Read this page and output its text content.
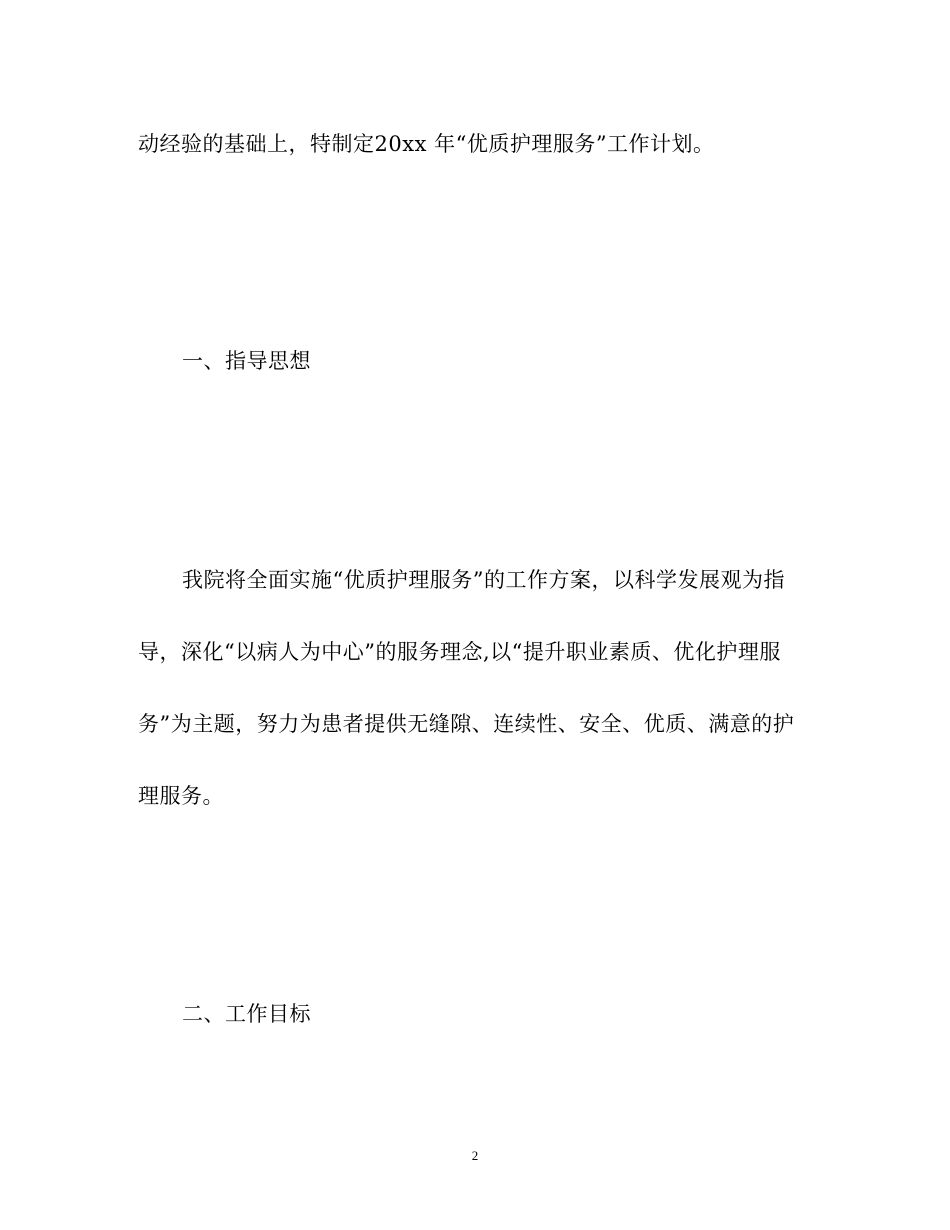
动经验的基础上，特制定20xx 年“优质护理服务”工作计划。
一、指导思想
我院将全面实施“优质护理服务”的工作方案，以科学发展观为指
导，深化“以病人为中心”的服务理念,以“提升职业素质、优化护理服
务”为主题，努力为患者提供无缝隙、连续性、安全、优质、满意的护
理服务。
二、工作目标
2
